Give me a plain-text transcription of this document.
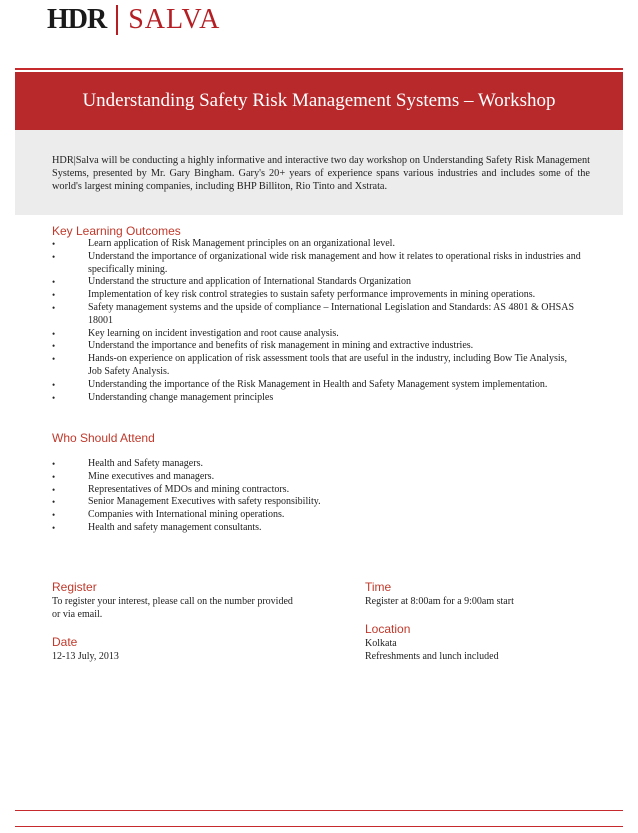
HDR SALVA
Understanding Safety Risk Management Systems – Workshop
HDR|Salva will be conducting a highly informative and interactive two day workshop on Understanding Safety Risk Management Systems, presented by Mr. Gary Bingham. Gary's 20+ years of experience spans various industries and includes some of the world's largest mining companies, including BHP Billiton, Rio Tinto and Xstrata.
Key Learning Outcomes
•	Learn application of Risk Management principles on an organizational level.
•	Understand the importance of organizational wide risk management and how it relates to operational risks in industries and specifically mining.
•	Understand the structure and application of International Standards Organization
•	Implementation of key risk control strategies to sustain safety performance improvements in mining operations.
•	Safety management systems and the upside of compliance – International Legislation and Standards: AS 4801 & OHSAS 18001
•	Key learning on incident investigation and root cause analysis.
•	Understand the importance and benefits of risk management in mining and extractive industries.
•	Hands-on experience on application of risk assessment tools that are useful in the industry, including Bow Tie Analysis, Job Safety Analysis.
•	Understanding the importance of the Risk Management in Health and Safety Management system implementation.
•	Understanding change management principles
Who Should Attend
•	Health and Safety managers.
•	Mine executives and managers.
•	Representatives of MDOs and mining contractors.
•	Senior Management Executives with safety responsibility.
•	Companies with International mining operations.
•	Health and safety management consultants.
Register
To register your interest, please call on the number provided or via email.
Date
12-13 July, 2013
Time
Register at 8:00am for a 9:00am start
Location
Kolkata
Refreshments and lunch included
